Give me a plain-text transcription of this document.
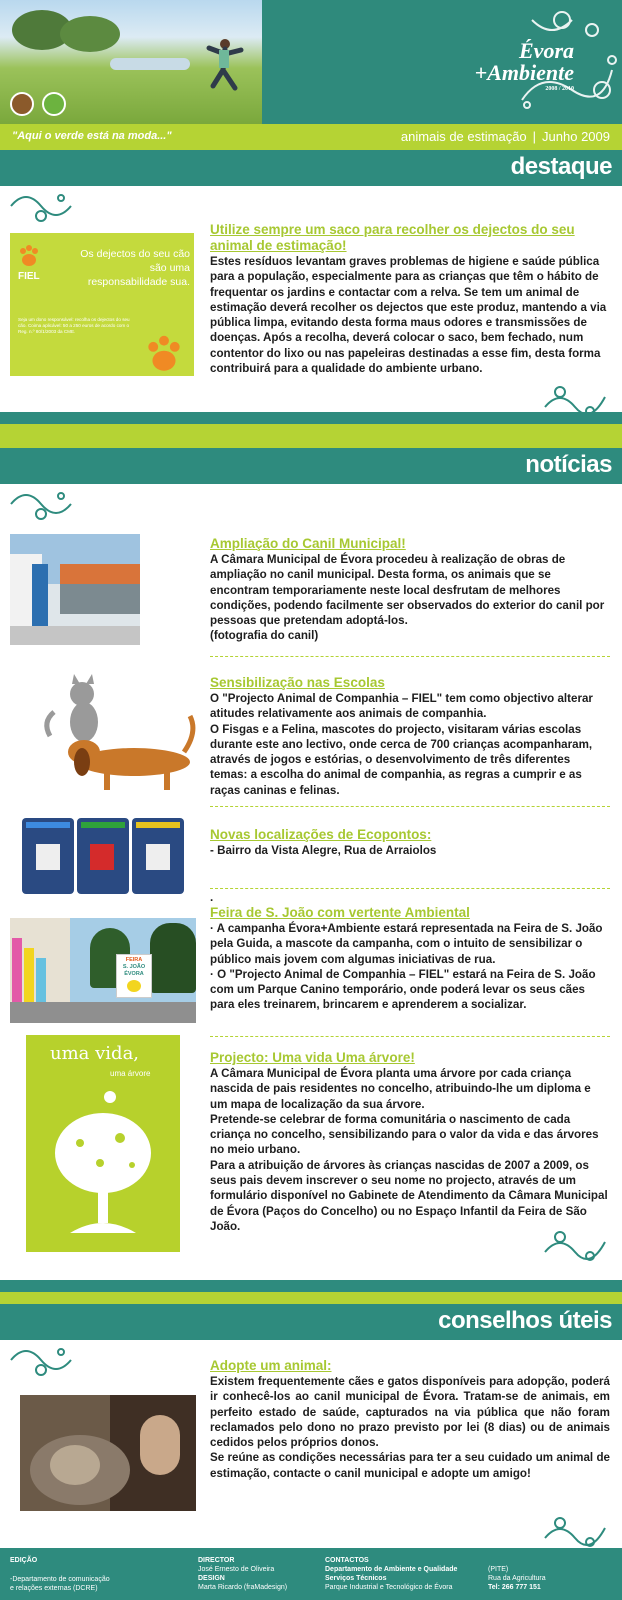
Évora
+Ambiente
2008 / 2010
"Aqui o verde está na moda..."	animais de estimação | Junho 2009
destaque
FIEL
Os dejectos do seu cão são uma responsabilidade sua.
Seja um dono responsável: recolha os dejectos do seu cão. Coima aplicável: 50 a 250 euros de acordo com o Reg. n.º 80/1/2003 da CME.
Utilize sempre um saco para recolher os dejectos do seu animal de estimação!
Estes resíduos levantam graves problemas de higiene e saúde pública para a população, especialmente para as crianças que têm o hábito de frequentar os jardins e contactar com a relva. Se tem um animal de estimação deverá recolher os dejectos que este produz, mantendo a via pública limpa, evitando desta forma maus odores e transmissões de doenças. Após a recolha, deverá colocar o saco, bem fechado, num contentor do lixo ou nas papeleiras destinadas a esse fim, desta forma contribuirá para a qualidade do ambiente urbano.
notícias
Ampliação do Canil Municipal!

A Câmara Municipal de Évora procedeu à realização de obras de ampliação no canil municipal. Desta forma, os animais que se encontram temporariamente neste local desfrutam de melhores condições, podendo facilmente ser observados do exterior do canil por pessoas que pretendam adoptá-los.

(fotografia do canil)

Sensibilização nas Escolas

O "Projecto Animal de Companhia – FIEL" tem como objectivo alterar atitudes relativamente aos animais de companhia.

O Fisgas e a Felina, mascotes do projecto, visitaram várias escolas durante este ano lectivo, onde cerca de 700 crianças acompanharam, através de jogos e estórias, o desenvolvimento de três diferentes temas: a escolha do animal de companhia, as regras a cumprir e as raças caninas e felinas.

Novas localizações de Ecopontos:
- Bairro da Vista Alegre, Rua de Arraiolos
FEIRA
S. JOÃO
ÉVORA
.
Feira de S. João com vertente Ambiental

· A campanha Évora+Ambiente estará representada na Feira de S. João pela Guida, a mascote da campanha, com o intuito de sensibilizar o público mais jovem com algumas iniciativas de rua.

· O "Projecto Animal de Companhia – FIEL" estará na Feira de S. João com um Parque Canino temporário, onde poderá levar os seus cães para eles treinarem, brincarem e aprenderem a socializar.

uma vida,
uma árvore
Projecto: Uma vida Uma árvore!

A Câmara Municipal de Évora planta uma árvore por cada criança nascida de pais residentes no concelho, atribuindo-lhe um diploma e um mapa de localização da sua árvore.

Pretende-se celebrar de forma comunitária o nascimento de cada criança no concelho, sensibilizando para o valor da vida e das árvores no meio urbano.

Para a atribuição de árvores às crianças nascidas de 2007 a 2009, os seus pais devem inscrever o seu nome no projecto, através de um formulário disponível no Gabinete de Atendimento da Câmara Municipal de Évora (Paços do Concelho) ou no Espaço Infantil da Feira de São João.

conselhos úteis
Adopte um animal:

Existem frequentemente cães e gatos disponíveis para adopção, poderá ir conhecê-los ao canil municipal de Évora. Tratam-se de animais, em perfeito estado de saúde, capturados na via pública que não foram reclamados pelo dono no prazo previsto por lei (8 dias) ou de animais cedidos pelos próprios donos.

Se reúne as condições necessárias para ter a seu cuidado um animal de estimação, contacte o canil municipal e adopte um amigo!

EDIÇÃO
-Departamento de comunicação
e relações externas (DCRE)
DIRECTOR
José Ernesto de Oliveira
DESIGN
Marta Ricardo (fraMadesign)
CONTACTOS
Departamento de Ambiente e Qualidade
Serviços Técnicos
Parque Industrial e Tecnológico de Évora
(PITE)
Rua da Agricultura
Tel: 266 777 151
